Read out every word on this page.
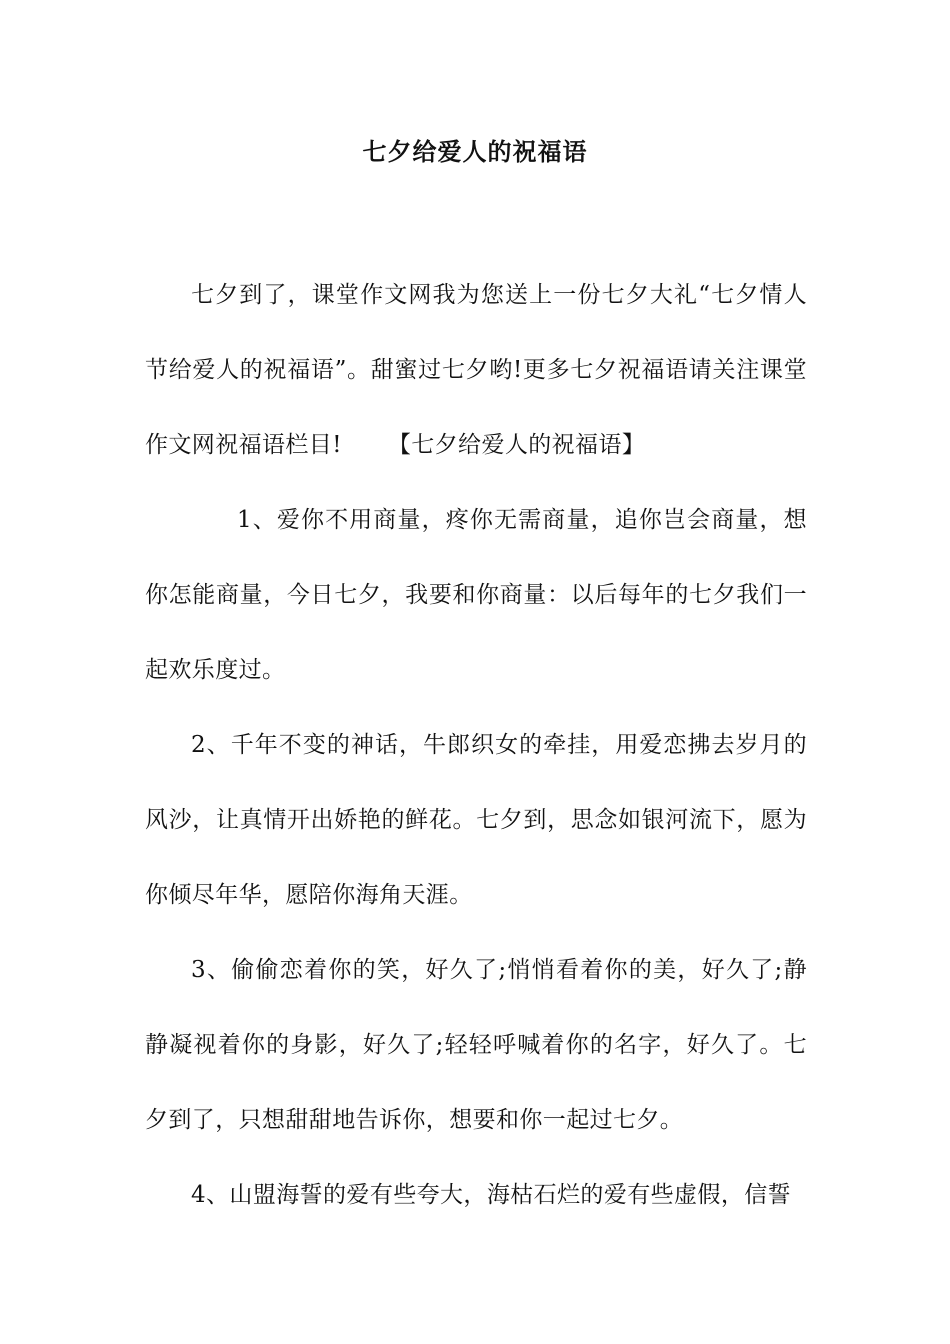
七夕给爱人的祝福语

七夕到了，课堂作文网我为您送上一份七夕大礼“七夕情人节给爱人的祝福语”。甜蜜过七夕哟!更多七夕祝福语请关注课堂作文网祝福语栏目! 【七夕给爱人的祝福语】

1、爱你不用商量，疼你无需商量，追你岂会商量，想你怎能商量，今日七夕，我要和你商量：以后每年的七夕我们一起欢乐度过。

2、千年不变的神话，牛郎织女的牵挂，用爱恋拂去岁月的风沙，让真情开出娇艳的鲜花。七夕到，思念如银河流下，愿为你倾尽年华，愿陪你海角天涯。

3、偷偷恋着你的笑，好久了;悄悄看着你的美，好久了;静静凝视着你的身影，好久了;轻轻呼喊着你的名字，好久了。七夕到了，只想甜甜地告诉你，想要和你一起过七夕。

4、山盟海誓的爱有些夸大，海枯石烂的爱有些虚假，信誓
